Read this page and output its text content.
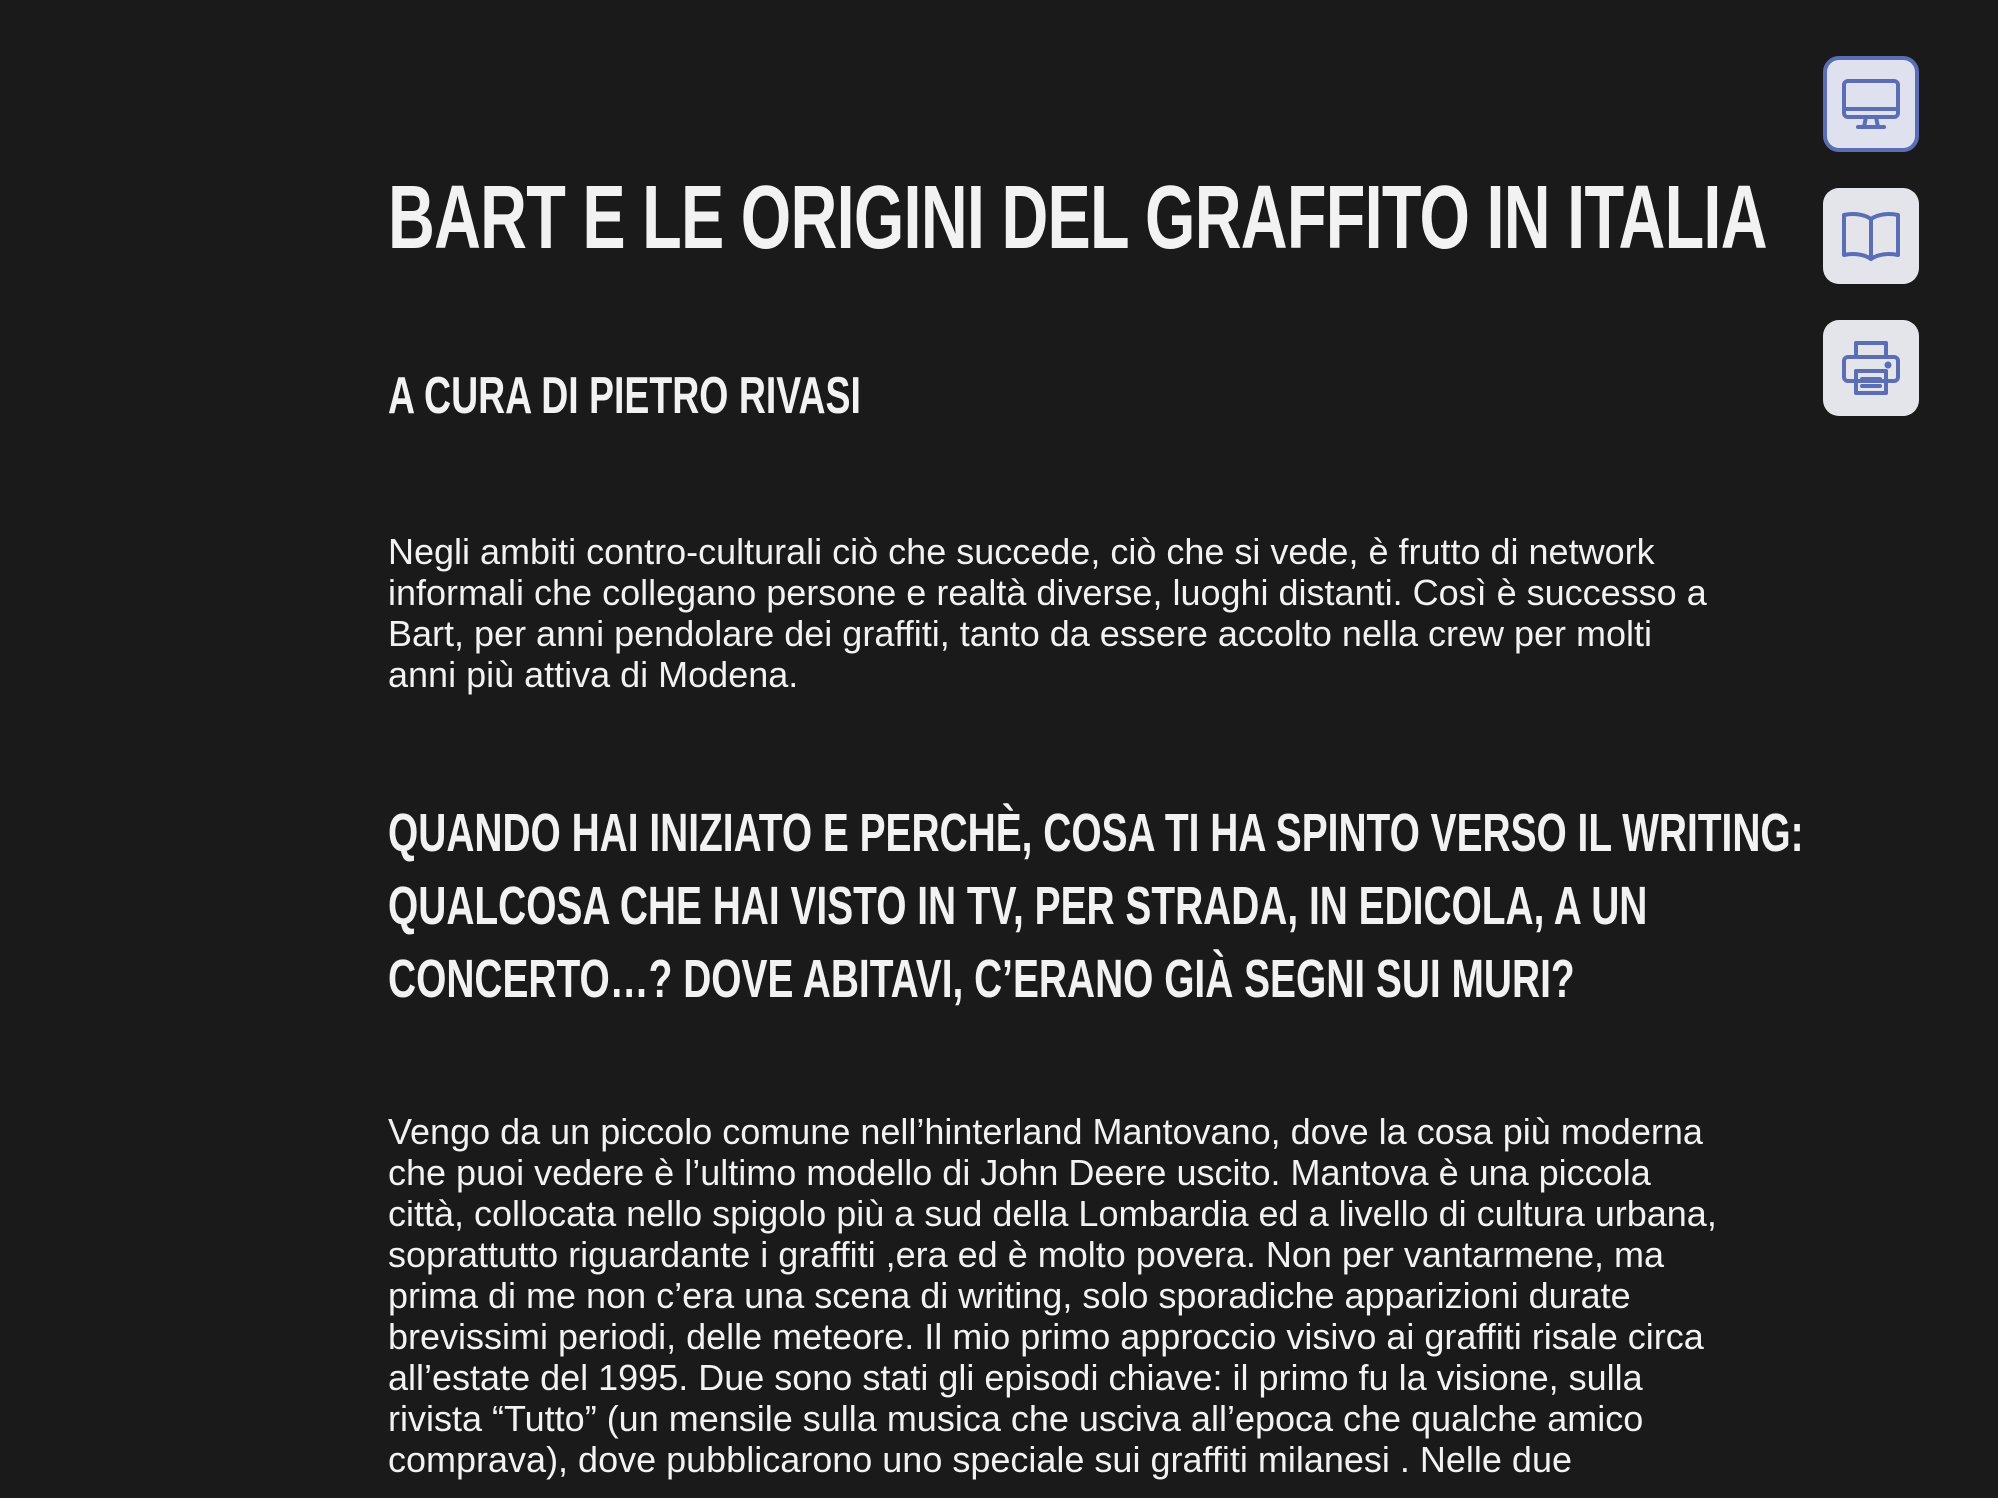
BART E LE ORIGINI DEL GRAFFITO IN ITALIA
A CURA DI PIETRO RIVASI

Negli ambiti contro-culturali ciò che succede, ciò che si vede, è frutto di network informali che collegano persone e realtà diverse, luoghi distanti. Così è successo a Bart, per anni pendolare dei graffiti, tanto da essere accolto nella crew per molti anni più attiva di Modena.

QUANDO HAI INIZIATO E PERCHÈ, COSA TI HA SPINTO VERSO IL WRITING: QUALCOSA CHE HAI VISTO IN TV, PER STRADA, IN EDICOLA, A UN CONCERTO…? DOVE ABITAVI, C’ERANO GIÀ SEGNI SUI MURI?

Vengo da un piccolo comune nell’hinterland Mantovano, dove la cosa più moderna che puoi vedere è l’ultimo modello di John Deere uscito. Mantova è una piccola città, collocata nello spigolo più a sud della Lombardia ed a livello di cultura urbana, soprattutto riguardante i graffiti ,era ed è molto povera. Non per vantarmene, ma prima di me non c’era una scena di writing, solo sporadiche apparizioni durate brevissimi periodi, delle meteore. Il mio primo approccio visivo ai graffiti risale circa all’estate del 1995. Due sono stati gli episodi chiave: il primo fu la visione, sulla rivista “Tutto” (un mensile sulla musica che usciva all’epoca che qualche amico comprava), dove pubblicarono uno speciale sui graffiti milanesi . Nelle due
